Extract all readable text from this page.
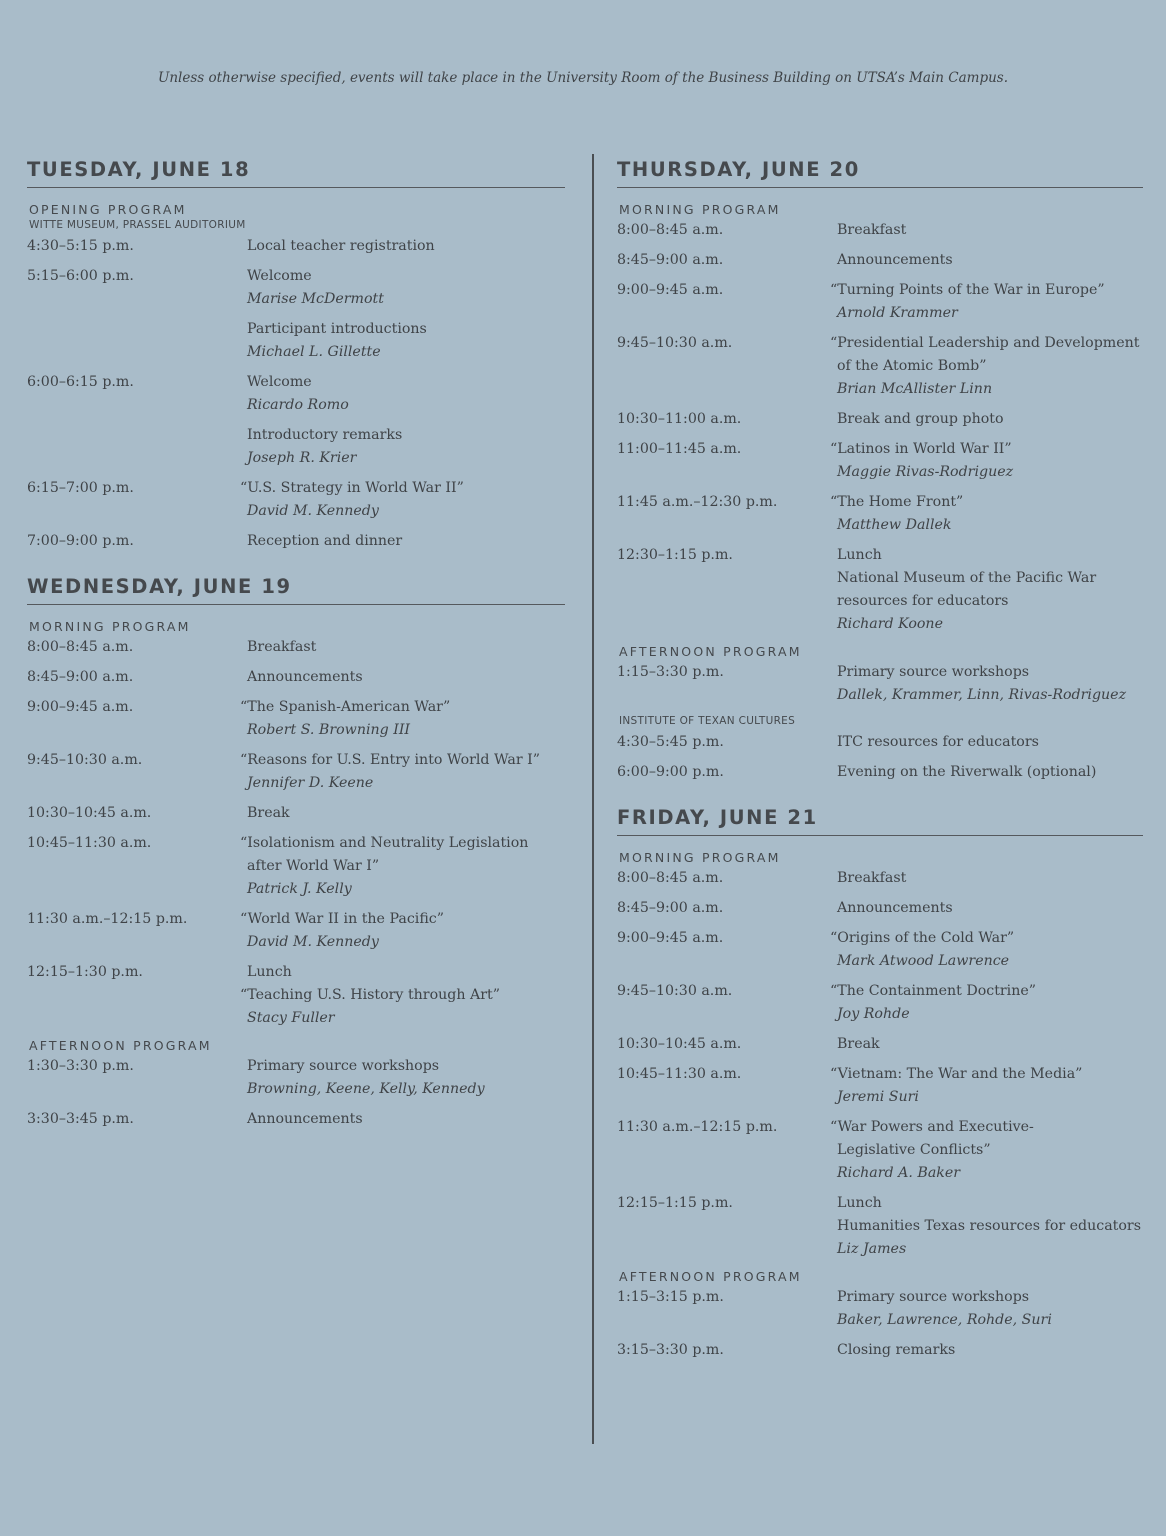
Unless otherwise specified, events will take place in the University Room of the Business Building on UTSA’s Main Campus.
TUESDAY, JUNE 18
OPENING PROGRAM
WITTE MUSEUM, PRASSEL AUDITORIUM
4:30–5:15 p.m.	Local teacher registration
5:15–6:00 p.m.	Welcome
Marise McDermott
Participant introductions
Michael L. Gillette
6:00–6:15 p.m.	Welcome
Ricardo Romo
Introductory remarks
Joseph R. Krier
6:15–7:00 p.m.	“U.S. Strategy in World War II”
David M. Kennedy
7:00–9:00 p.m.	Reception and dinner
WEDNESDAY, JUNE 19
MORNING PROGRAM
8:00–8:45 a.m.	Breakfast
8:45–9:00 a.m.	Announcements
9:00–9:45 a.m.	“The Spanish-American War”
Robert S. Browning III
9:45–10:30 a.m.	“Reasons for U.S. Entry into World War I”
Jennifer D. Keene
10:30–10:45 a.m.	Break
10:45–11:30 a.m.	“Isolationism and Neutrality Legislation
after World War I”
Patrick J. Kelly
11:30 a.m.–12:15 p.m.	“World War II in the Pacific”
David M. Kennedy
12:15–1:30 p.m.	Lunch
“Teaching U.S. History through Art”
Stacy Fuller
AFTERNOON PROGRAM
1:30–3:30 p.m.	Primary source workshops
Browning, Keene, Kelly, Kennedy
3:30–3:45 p.m.	Announcements
THURSDAY, JUNE 20
MORNING PROGRAM
8:00–8:45 a.m.	Breakfast
8:45–9:00 a.m.	Announcements
9:00–9:45 a.m.	“Turning Points of the War in Europe”
Arnold Krammer
9:45–10:30 a.m.	“Presidential Leadership and Development
of the Atomic Bomb”
Brian McAllister Linn
10:30–11:00 a.m.	Break and group photo
11:00–11:45 a.m.	“Latinos in World War II”
Maggie Rivas-Rodriguez
11:45 a.m.–12:30 p.m.	“The Home Front”
Matthew Dallek
12:30–1:15 p.m.	Lunch
National Museum of the Pacific War
resources for educators
Richard Koone
AFTERNOON PROGRAM
1:15–3:30 p.m.	Primary source workshops
Dallek, Krammer, Linn, Rivas-Rodriguez
INSTITUTE OF TEXAN CULTURES
4:30–5:45 p.m.	ITC resources for educators
6:00–9:00 p.m.	Evening on the Riverwalk (optional)
FRIDAY, JUNE 21
MORNING PROGRAM
8:00–8:45 a.m.	Breakfast
8:45–9:00 a.m.	Announcements
9:00–9:45 a.m.	“Origins of the Cold War”
Mark Atwood Lawrence
9:45–10:30 a.m.	“The Containment Doctrine”
Joy Rohde
10:30–10:45 a.m.	Break
10:45–11:30 a.m.	“Vietnam: The War and the Media”
Jeremi Suri
11:30 a.m.–12:15 p.m.	“War Powers and Executive-
Legislative Conflicts”
Richard A. Baker
12:15–1:15 p.m.	Lunch
Humanities Texas resources for educators
Liz James
AFTERNOON PROGRAM
1:15–3:15 p.m.	Primary source workshops
Baker, Lawrence, Rohde, Suri
3:15–3:30 p.m.	Closing remarks
